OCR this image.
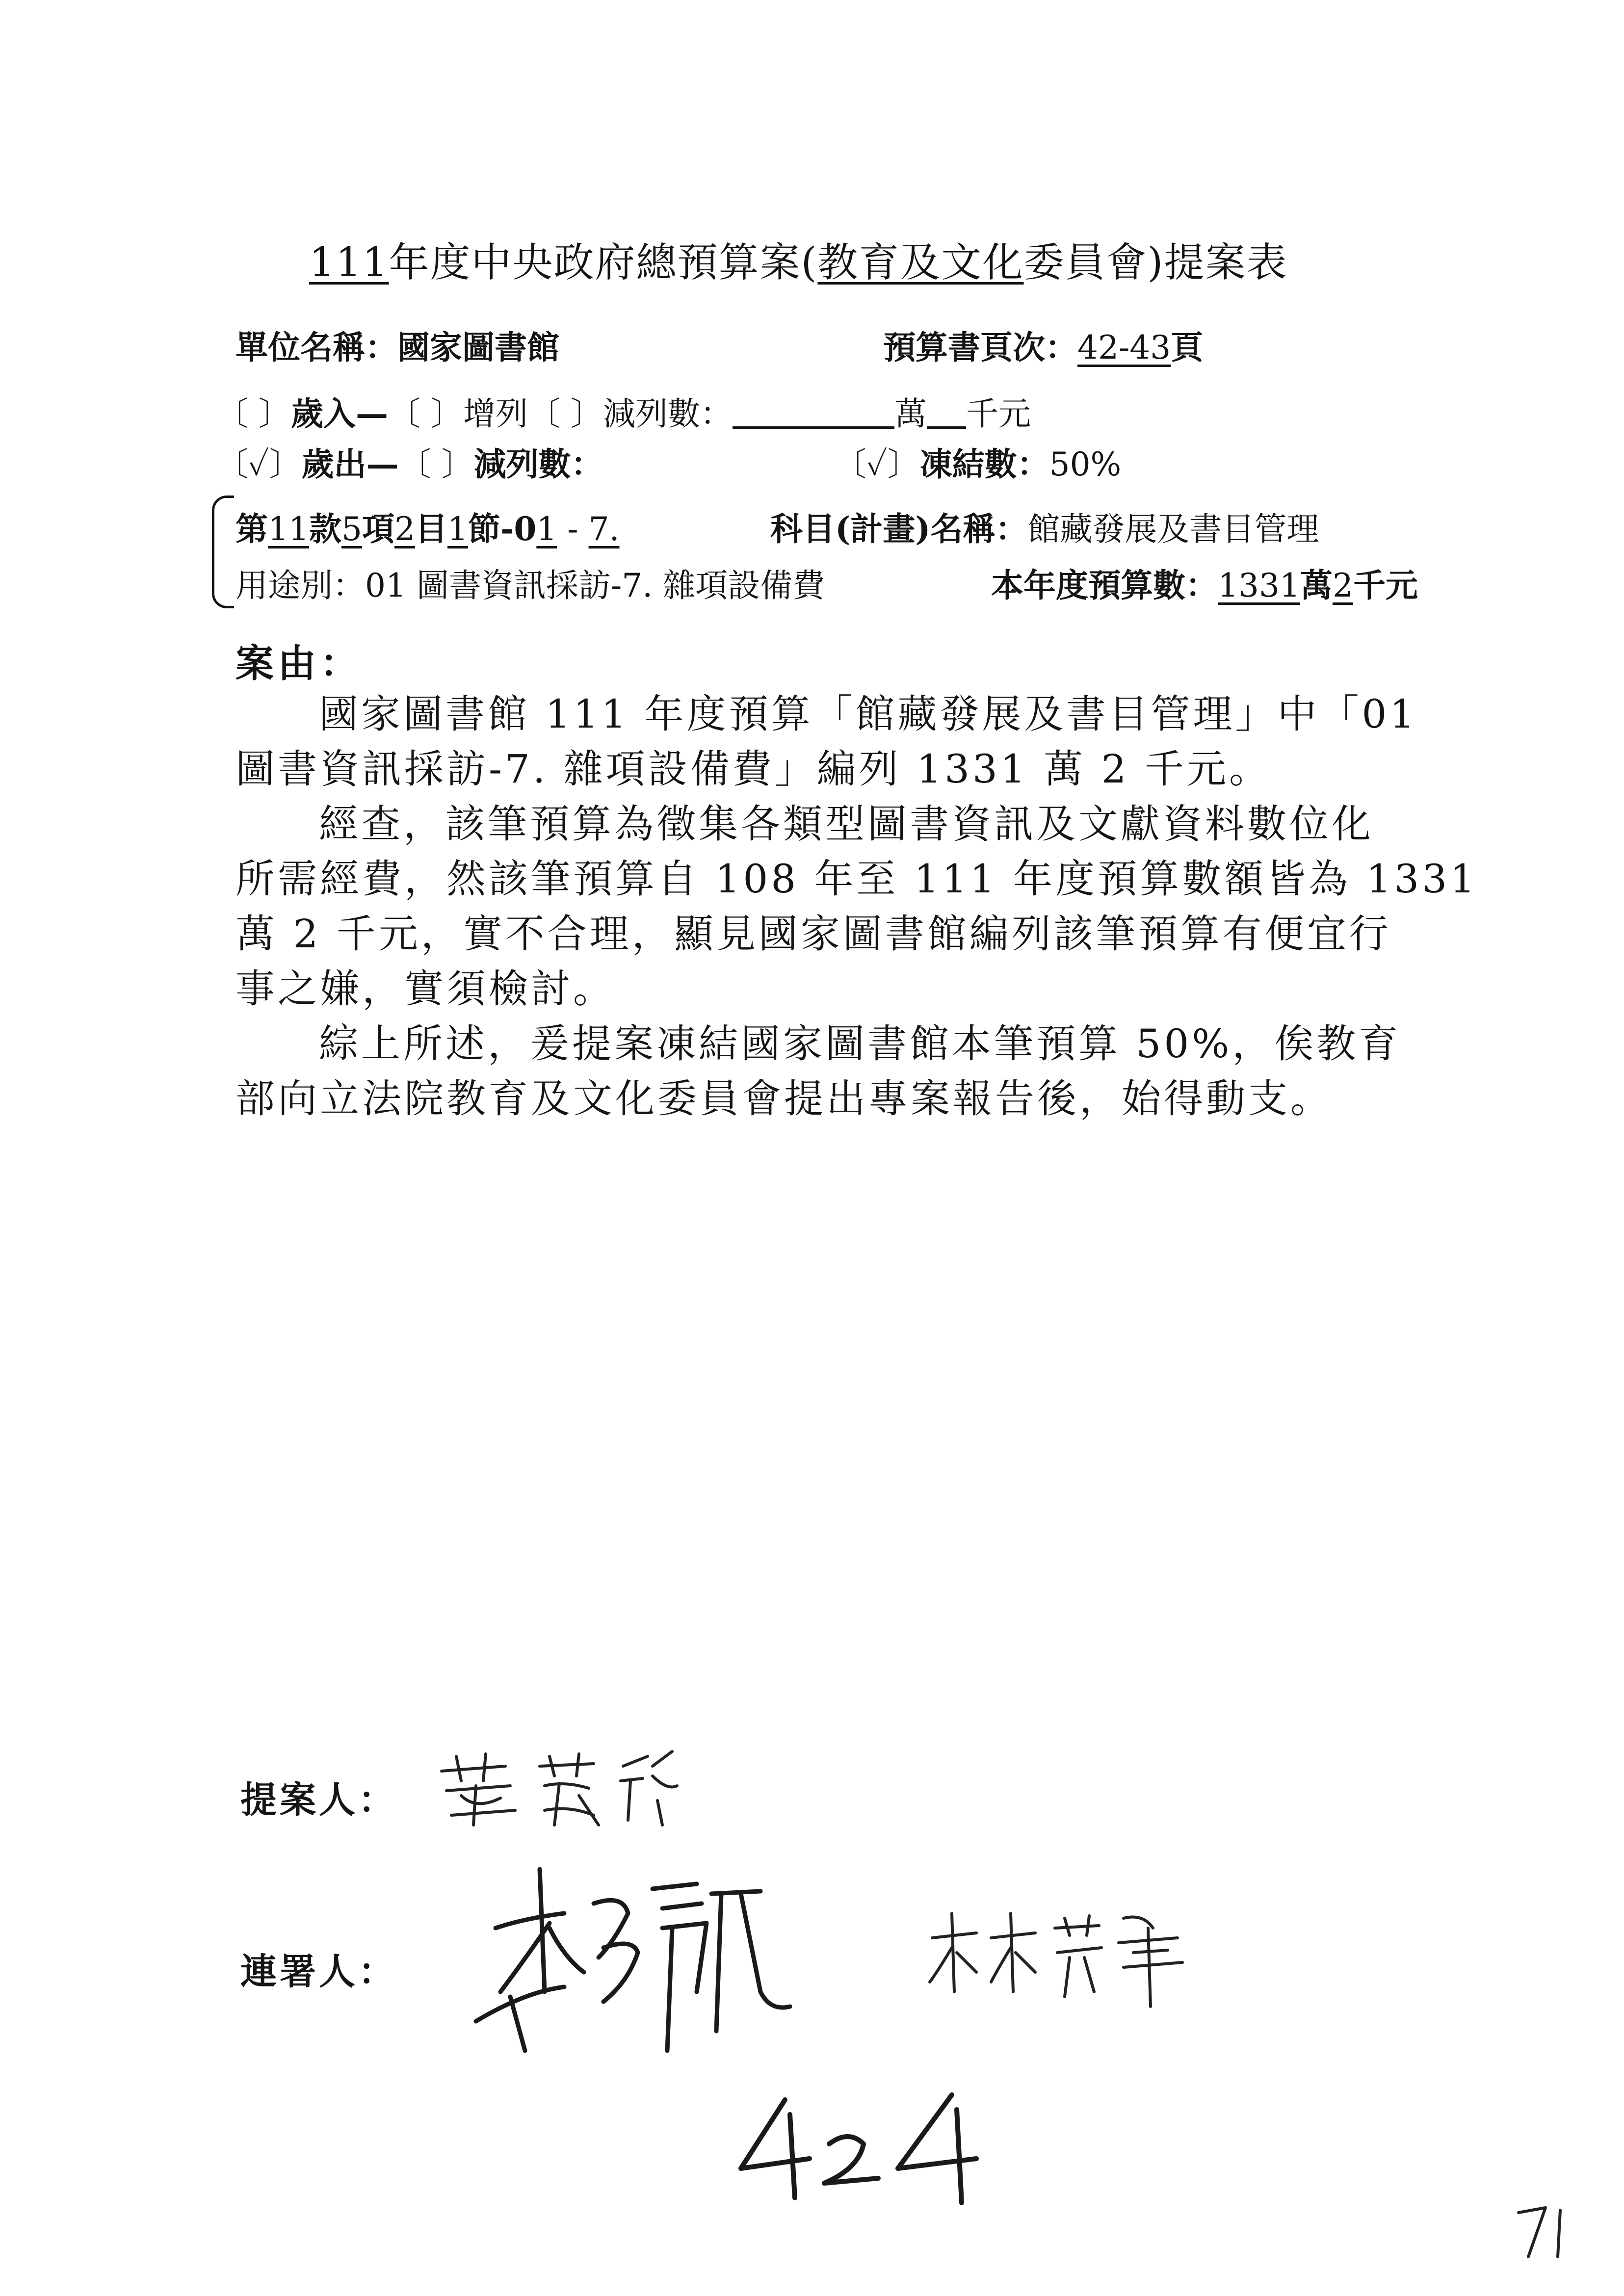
111年度中央政府總預算案(教育及文化委員會)提案表
單位名稱：國家圖書館	預算書頁次：42-43頁
〔 〕歲入—〔 〕增列〔 〕減列數：	萬 千元
〔✓〕歲出—〔 〕減列數：	〔✓〕凍結數：50%
第11款5項2目1節-01 - 7.	科目(計畫)名稱：館藏發展及書目管理
用途別：01 圖書資訊採訪-7. 雜項設備費	本年度預算數：1331萬2千元
案由：
國家圖書館 111 年度預算「館藏發展及書目管理」中「01
圖書資訊採訪-7. 雜項設備費」編列 1331 萬 2 千元。
經查，該筆預算為徵集各類型圖書資訊及文獻資料數位化
所需經費，然該筆預算自 108 年至 111 年度預算數額皆為 1331
萬 2 千元，實不合理，顯見國家圖書館編列該筆預算有便宜行
事之嫌，實須檢討。
綜上所述，爰提案凍結國家圖書館本筆預算 50%，俟教育
部向立法院教育及文化委員會提出專案報告後，始得動支。
提案人：
連署人：
